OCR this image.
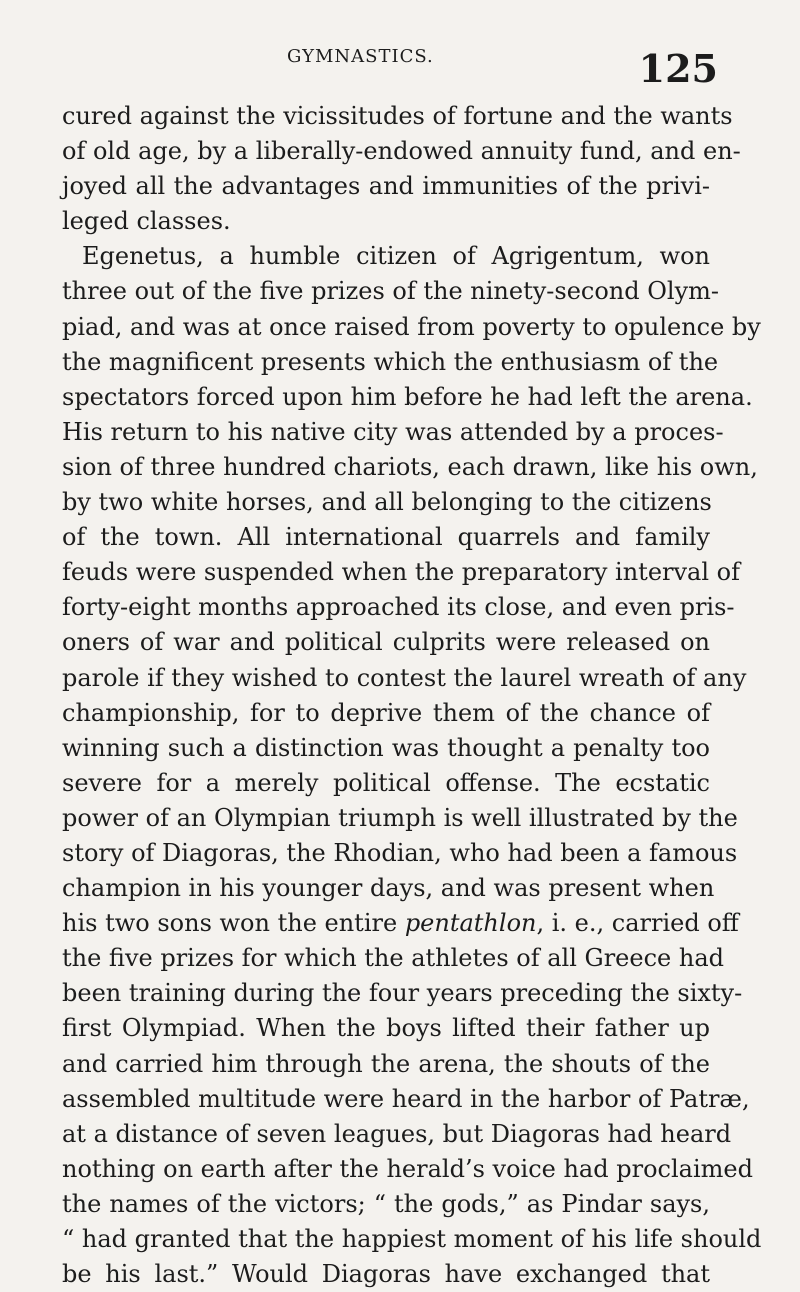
GYMNASTICS.	125
cured against the vicissitudes of fortune and the wants
of old age, by a liberally-endowed annuity fund, and en-
joyed all the advantages and immunities of the privi-
leged classes.
Egenetus, a humble citizen of Agrigentum, won
three out of the five prizes of the ninety-second Olym-
piad, and was at once raised from poverty to opulence by
the magnificent presents which the enthusiasm of the
spectators forced upon him before he had left the arena.
His return to his native city was attended by a proces-
sion of three hundred chariots, each drawn, like his own,
by two white horses, and all belonging to the citizens
of the town. All international quarrels and family
feuds were suspended when the preparatory interval of
forty-eight months approached its close, and even pris-
oners of war and political culprits were released on
parole if they wished to contest the laurel wreath of any
championship, for to deprive them of the chance of
winning such a distinction was thought a penalty too
severe for a merely political offense. The ecstatic
power of an Olympian triumph is well illustrated by the
story of Diagoras, the Rhodian, who had been a famous
champion in his younger days, and was present when
his two sons won the entire pentathlon, i. e., carried off
the five prizes for which the athletes of all Greece had
been training during the four years preceding the sixty-
first Olympiad. When the boys lifted their father up
and carried him through the arena, the shouts of the
assembled multitude were heard in the harbor of Patræ,
at a distance of seven leagues, but Diagoras had heard
nothing on earth after the herald’s voice had proclaimed
the names of the victors; “ the gods,” as Pindar says,
“ had granted that the happiest moment of his life should
be his last.” Would Diagoras have exchanged that
